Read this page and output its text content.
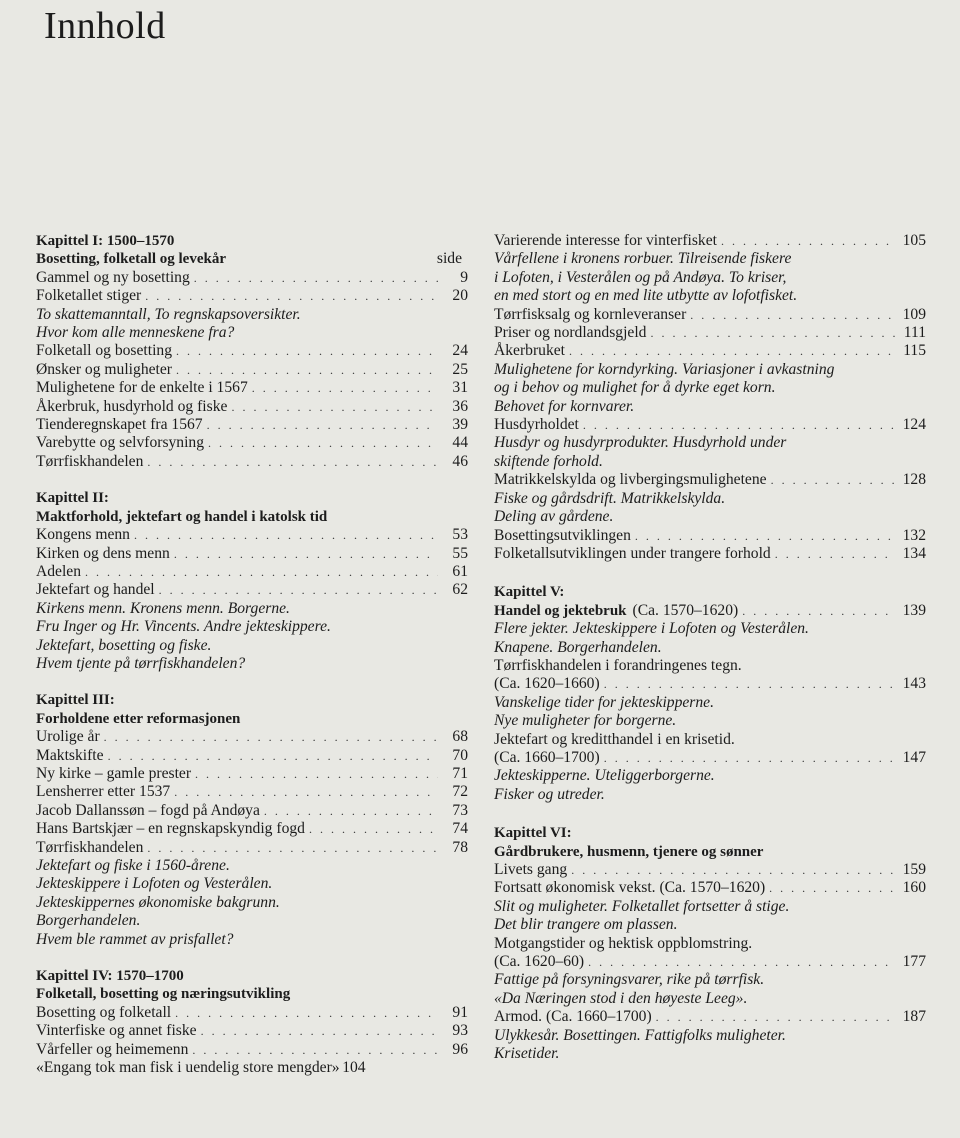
Innhold
Kapittel I: 1500–1570
Bosetting, folketall og levekår	side
Gammel og ny bosetting . . .	9
Folketallet stiger . . .	20
To skattemanntall, To regnskapsoversikter.
Hvor kom alle menneskene fra?
Folketall og bosetting . . .	24
Ønsker og muligheter . . .	25
Mulighetene for de enkelte i 1567 . . .	31
Åkerbruk, husdyrhold og fiske . . .	36
Tienderegnskapet fra 1567 . . .	39
Varebytte og selvforsyning . . .	44
Tørrfiskhandelen . . .	46
Kapittel II:
Maktforhold, jektefart og handel i katolsk tid
Kongens menn . . .	53
Kirken og dens menn . . .	55
Adelen . . .	61
Jektefart og handel . . .	62
Kirkens menn. Kronens menn. Borgerne.
Fru Inger og Hr. Vincents. Andre jekteskippere.
Jektefart, bosetting og fiske.
Hvem tjente på tørrfiskhandelen?
Kapittel III:
Forholdene etter reformasjonen
Urolige år . . .	68
Maktskifte . . .	70
Ny kirke – gamle prester . . .	71
Lensherrer etter 1537 . . .	72
Jacob Dallanssøn – fogd på Andøya . . .	73
Hans Bartskjær – en regnskapskyndig fogd . . .	74
Tørrfiskhandelen . . .	78
Jektefart og fiske i 1560-årene.
Jekteskippere i Lofoten og Vesterålen.
Jekteskippernes økonomiske bakgrunn.
Borgerhandelen.
Hvem ble rammet av prisfallet?
Kapittel IV: 1570–1700
Folketall, bosetting og næringsutvikling
Bosetting og folketall . . .	91
Vinterfiske og annet fiske . . .	93
Vårfeller og heimemenn . . .	96
«Engang tok man fisk i uendelig store mengder» 104
Varierende interesse for vinterfisket . . .	105
Vårfellene i kronens rorbuer. Tilreisende fiskere
i Lofoten, i Vesterålen og på Andøya. To kriser,
en med stort og en med lite utbytte av lofotfisket.
Tørrfisksalg og kornleveranser . . .	109
Priser og nordlandsgjeld . . .	111
Åkerbruket . . .	115
Mulighetene for korndyrking. Variasjoner i avkastning
og i behov og mulighet for å dyrke eget korn.
Behovet for kornvarer.
Husdyrholdet . . .	124
Husdyr og husdyrprodukter. Husdyrhold under
skiftende forhold.
Matrikkelskylda og livbergingsmulighetene . . .	128
Fiske og gårdsdrift. Matrikkelskylda.
Deling av gårdene.
Bosettingsutviklingen . . .	132
Folketallsutviklingen under trangere forhold . . .	134
Kapittel V:
Handel og jektebruk (Ca. 1570–1620) . . .	139
Flere jekter. Jekteskippere i Lofoten og Vesterålen.
Knapene. Borgerhandelen.
Tørrfiskhandelen i forandringenes tegn.
(Ca. 1620–1660) . . .	143
Vanskelige tider for jekteskipperne.
Nye muligheter for borgerne.
Jektefart og kreditthandel i en krisetid.
(Ca. 1660–1700) . . .	147
Jekteskipperne. Uteliggerborgerne.
Fisker og utreder.
Kapittel VI:
Gårdbrukere, husmenn, tjenere og sønner
Livets gang . . .	159
Fortsatt økonomisk vekst. (Ca. 1570–1620) . . .	160
Slit og muligheter. Folketallet fortsetter å stige.
Det blir trangere om plassen.
Motgangstider og hektisk oppblomstring.
(Ca. 1620–60) . . .	177
Fattige på forsyningsvarer, rike på tørrfisk.
«Da Næringen stod i den høyeste Leeg».
Armod. (Ca. 1660–1700) . . .	187
Ulykkesår. Bosettingen. Fattigfolks muligheter.
Krisetider.
